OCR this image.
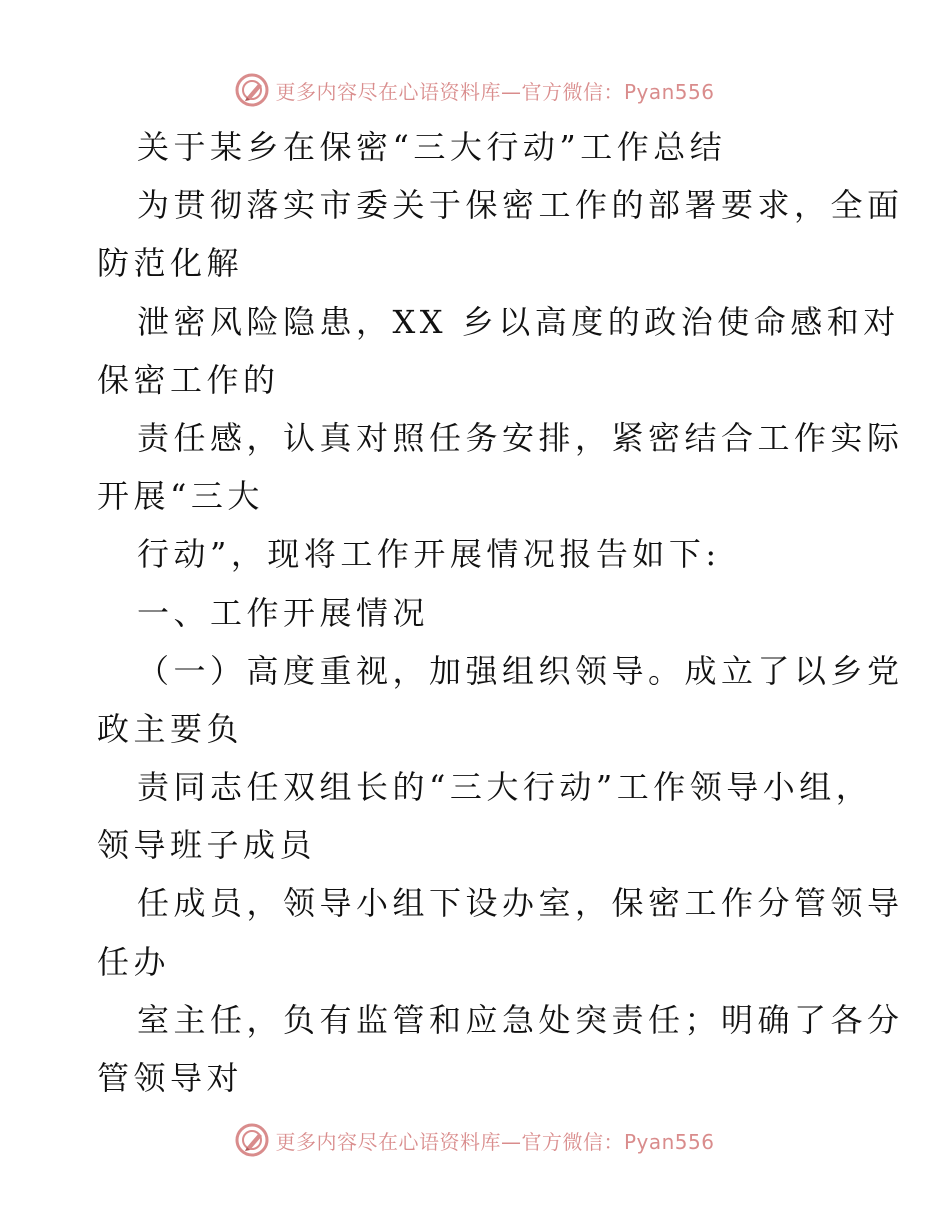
更多内容尽在心语资料库—官方微信：Pyan556
关于某乡在保密“三大行动”工作总结
为贯彻落实市委关于保密工作的部署要求，全面
防范化解
泄密风险隐患，XX 乡以高度的政治使命感和对
保密工作的
责任感，认真对照任务安排，紧密结合工作实际
开展“三大
行动”，现将工作开展情况报告如下:
一、工作开展情况
（一）高度重视，加强组织领导。成立了以乡党
政主要负
责同志任双组长的“三大行动”工作领导小组，
领导班子成员
任成员，领导小组下设办室，保密工作分管领导
任办
室主任，负有监管和应急处突责任；明确了各分
管领导对
更多内容尽在心语资料库—官方微信：Pyan556
